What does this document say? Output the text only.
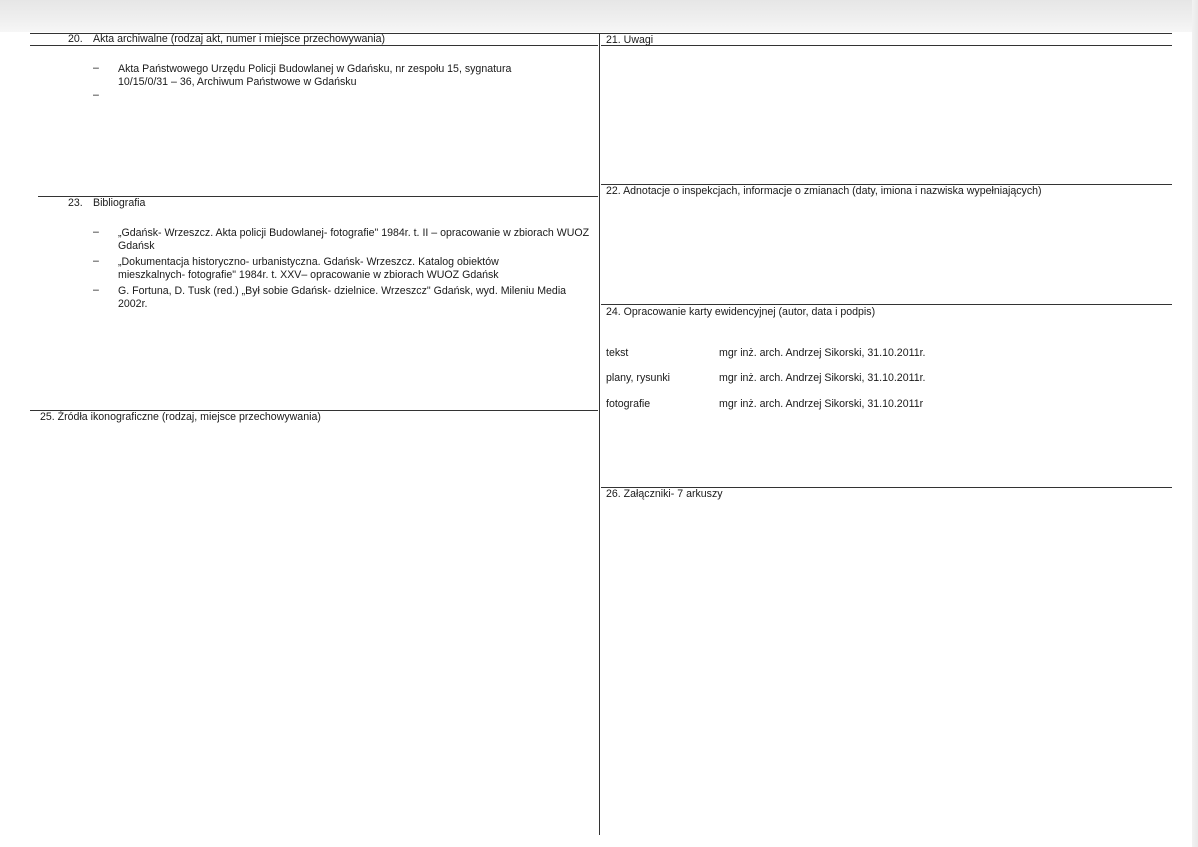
20. Akta archiwalne (rodzaj akt, numer i miejsce przechowywania)
– Akta Państwowego Urzędu Policji Budowlanej w Gdańsku, nr zespołu 15, sygnatura 10/15/0/31 – 36, Archiwum Państwowe w Gdańsku
–
21. Uwagi
22. Adnotacje o inspekcjach, informacje o zmianach (daty, imiona i nazwiska wypełniających)
23. Bibliografia
– „Gdańsk- Wrzeszcz. Akta policji Budowlanej- fotografie" 1984r. t. II – opracowanie w zbiorach WUOZ Gdańsk
– „Dokumentacja historyczno- urbanistyczna. Gdańsk- Wrzeszcz. Katalog obiektów mieszkalnych- fotografie" 1984r. t. XXV– opracowanie w zbiorach WUOZ Gdańsk
– G. Fortuna, D. Tusk (red.) „Był sobie Gdańsk- dzielnice. Wrzeszcz" Gdańsk, wyd. Mileniu Media 2002r.
24. Opracowanie karty ewidencyjnej (autor, data i podpis)
tekst	mgr inż. arch. Andrzej Sikorski, 31.10.2011r.
plany, rysunki	mgr inż. arch. Andrzej Sikorski, 31.10.2011r.
fotografie	mgr inż. arch. Andrzej Sikorski, 31.10.2011r
25. Źródła ikonograficzne (rodzaj, miejsce przechowywania)
26. Załączniki- 7 arkuszy
